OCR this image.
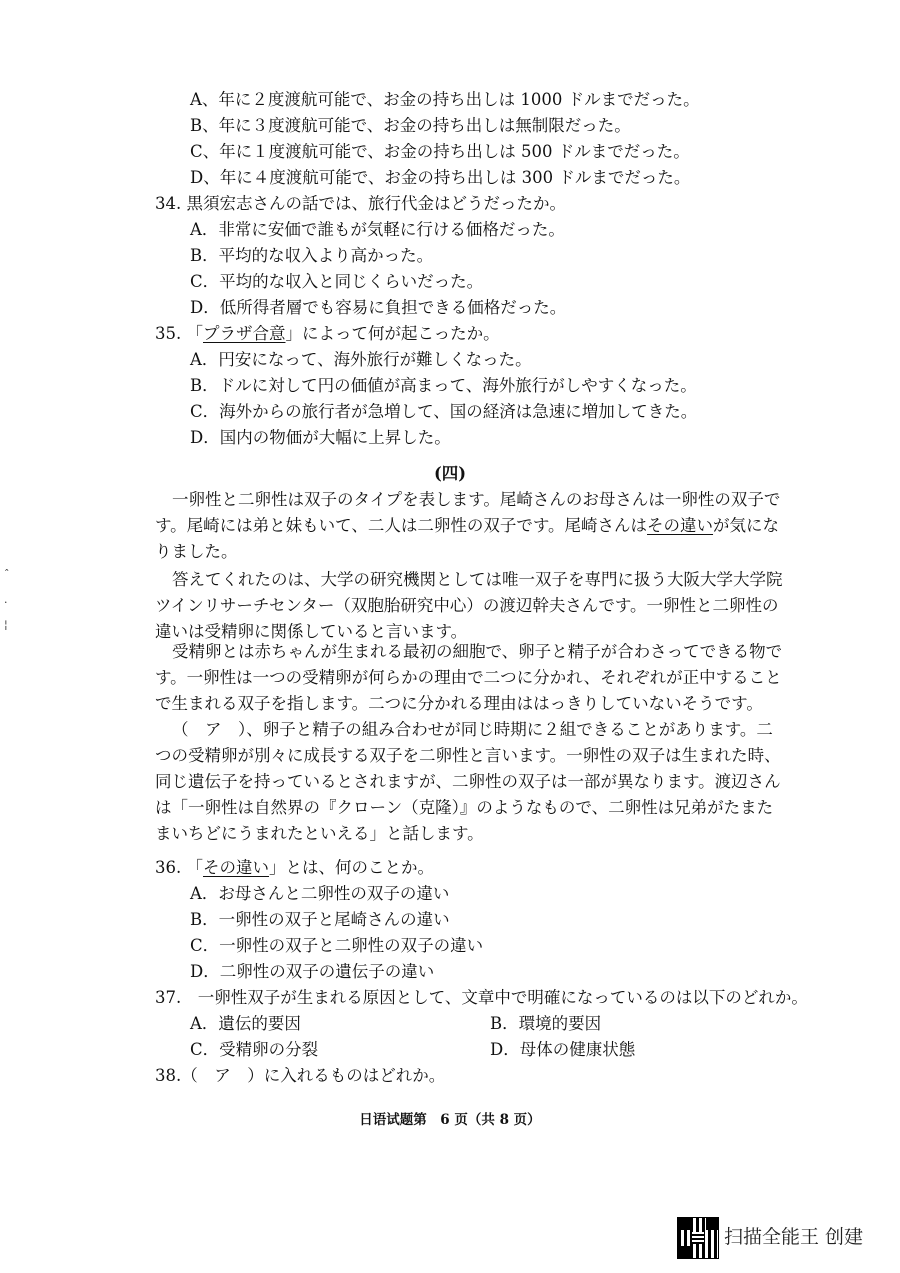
A、年に２度渡航可能で、お金の持ち出しは 1000 ドルまでだった。
B、年に３度渡航可能で、お金の持ち出しは無制限だった。
C、年に１度渡航可能で、お金の持ち出しは 500 ドルまでだった。
D、年に４度渡航可能で、お金の持ち出しは 300 ドルまでだった。
34. 黒須宏志さんの話では、旅行代金はどうだったか。
A．非常に安価で誰もが気軽に行ける価格だった。
B．平均的な収入より高かった。
C．平均的な収入と同じくらいだった。
D．低所得者層でも容易に負担できる価格だった。
35. 「プラザ合意」によって何が起こったか。
A．円安になって、海外旅行が難しくなった。
B．ドルに対して円の価値が高まって、海外旅行がしやすくなった。
C．海外からの旅行者が急増して、国の経済は急速に増加してきた。
D．国内の物価が大幅に上昇した。
(四)
一卵性と二卵性は双子のタイプを表します。尾崎さんのお母さんは一卵性の双子で
す。尾崎には弟と妹もいて、二人は二卵性の双子です。尾崎さんはその違いが気にな
りました。
答えてくれたのは、大学の研究機関としては唯一双子を専門に扱う大阪大学大学院
ツインリサーチセンター（双胞胎研究中心）の渡辺幹夫さんです。一卵性と二卵性の
違いは受精卵に関係していると言います。
受精卵とは赤ちゃんが生まれる最初の細胞で、卵子と精子が合わさってできる物で
す。一卵性は一つの受精卵が何らかの理由で二つに分かれ、それぞれが正中すること
で生まれる双子を指します。二つに分かれる理由ははっきりしていないそうです。
（　ア　）、卵子と精子の組み合わせが同じ時期に２組できることがあります。二
つの受精卵が別々に成長する双子を二卵性と言います。一卵性の双子は生まれた時、
同じ遺伝子を持っているとされますが、二卵性の双子は一部が異なります。渡辺さん
は「一卵性は自然界の『クローン（克隆）』のようなもので、二卵性は兄弟がたまた
まいちどにうまれたといえる」と話します。
36. 「その違い」とは、何のことか。
A．お母さんと二卵性の双子の違い
B．一卵性の双子と尾崎さんの違い
C．一卵性の双子と二卵性の双子の違い
D．二卵性の双子の遺伝子の違い
37.　一卵性双子が生まれる原因として、文章中で明確になっているのは以下のどれか。
A．遺伝的要因	B．環境的要因
C．受精卵の分裂	D．母体の健康状態
38.（　ア　）に入れるものはどれか。
日语试题第　6 页（共 8 页）
ˆ
·
¦
扫描全能王 创建
